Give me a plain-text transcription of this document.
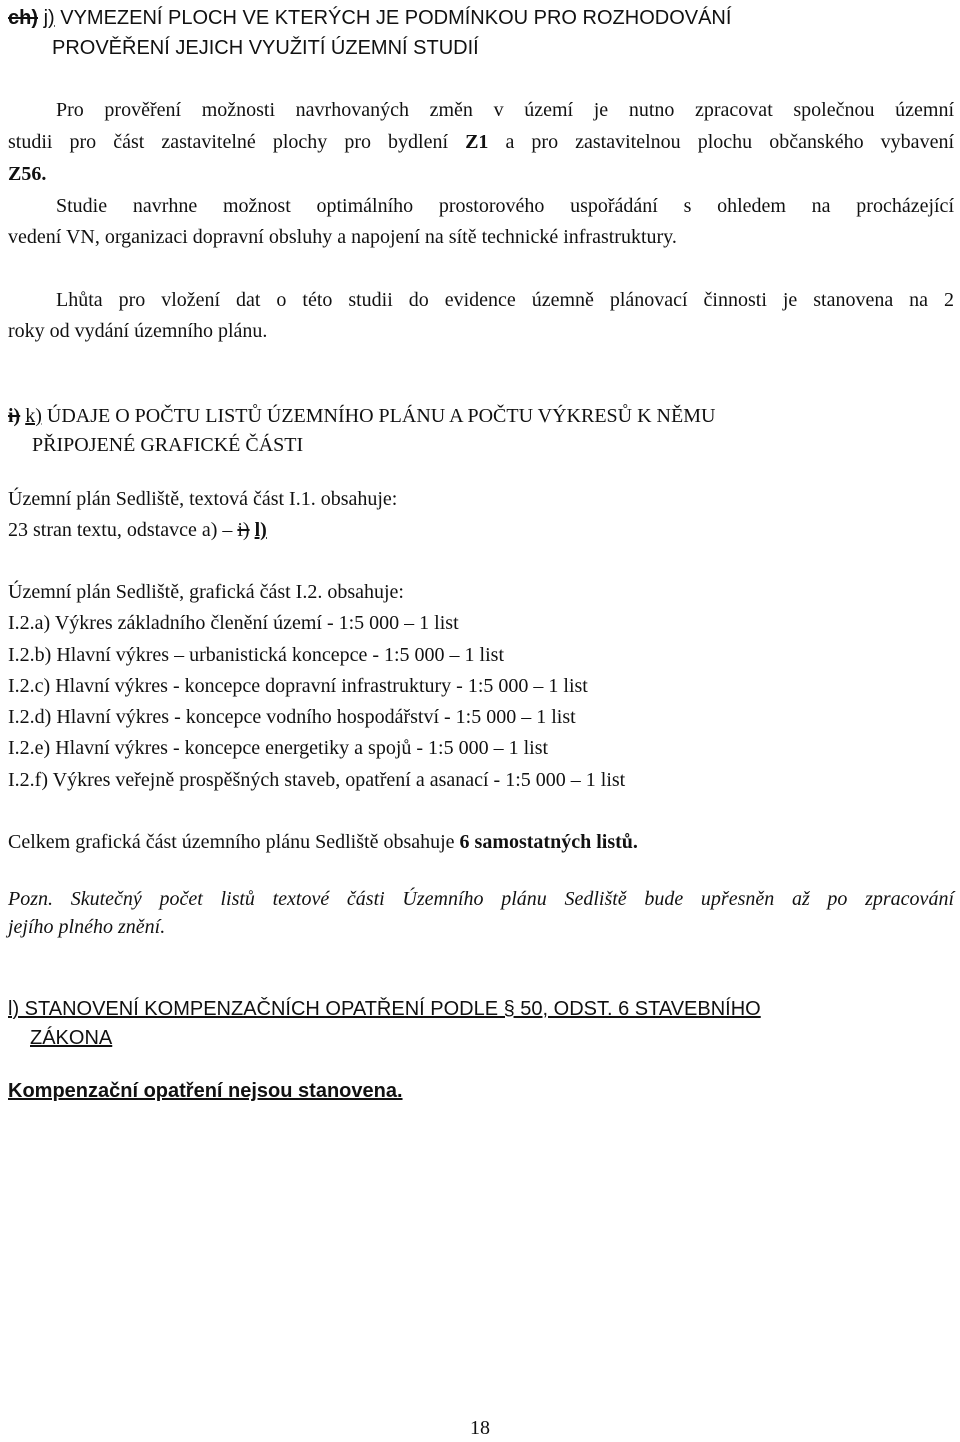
ch) j) VYMEZENÍ PLOCH VE KTERÝCH JE PODMÍNKOU PRO ROZHODOVÁNÍ
PROVĚŘENÍ JEJICH VYUŽITÍ ÚZEMNÍ STUDIÍ
Pro prověření možnosti navrhovaných změn v území je nutno zpracovat společnou územní
studii pro část zastavitelné plochy pro bydlení Z1 a pro zastavitelnou plochu občanského vybavení
Z56.
Studie navrhne možnost optimálního prostorového uspořádání s ohledem na procházející
vedení VN, organizaci dopravní obsluhy a napojení na sítě technické infrastruktury.
Lhůta pro vložení dat o této studii do evidence územně plánovací činnosti je stanovena na 2
roky od vydání územního plánu.
i) k) ÚDAJE O POČTU LISTŮ ÚZEMNÍHO PLÁNU A POČTU VÝKRESŮ K NĚMU
PŘIPOJENÉ GRAFICKÉ ČÁSTI
Územní plán Sedliště, textová část I.1. obsahuje:
23 stran textu, odstavce a) – i) l)
Územní plán Sedliště, grafická část I.2. obsahuje:
I.2.a) Výkres základního členění území - 1:5 000 – 1 list
I.2.b) Hlavní výkres – urbanistická koncepce - 1:5 000 – 1 list
I.2.c) Hlavní výkres - koncepce dopravní infrastruktury - 1:5 000 – 1 list
I.2.d) Hlavní výkres - koncepce vodního hospodářství - 1:5 000 – 1 list
I.2.e) Hlavní výkres - koncepce energetiky a spojů - 1:5 000 – 1 list
I.2.f) Výkres veřejně prospěšných staveb, opatření a asanací - 1:5 000 – 1 list
Celkem grafická část územního plánu Sedliště obsahuje 6 samostatných listů.
Pozn. Skutečný počet listů textové části Územního plánu Sedliště bude upřesněn až po zpracování
jejího plného znění.
l) STANOVENÍ KOMPENZAČNÍCH OPATŘENÍ PODLE § 50, ODST. 6 STAVEBNÍHO
ZÁKONA
Kompenzační opatření nejsou stanovena.
18
